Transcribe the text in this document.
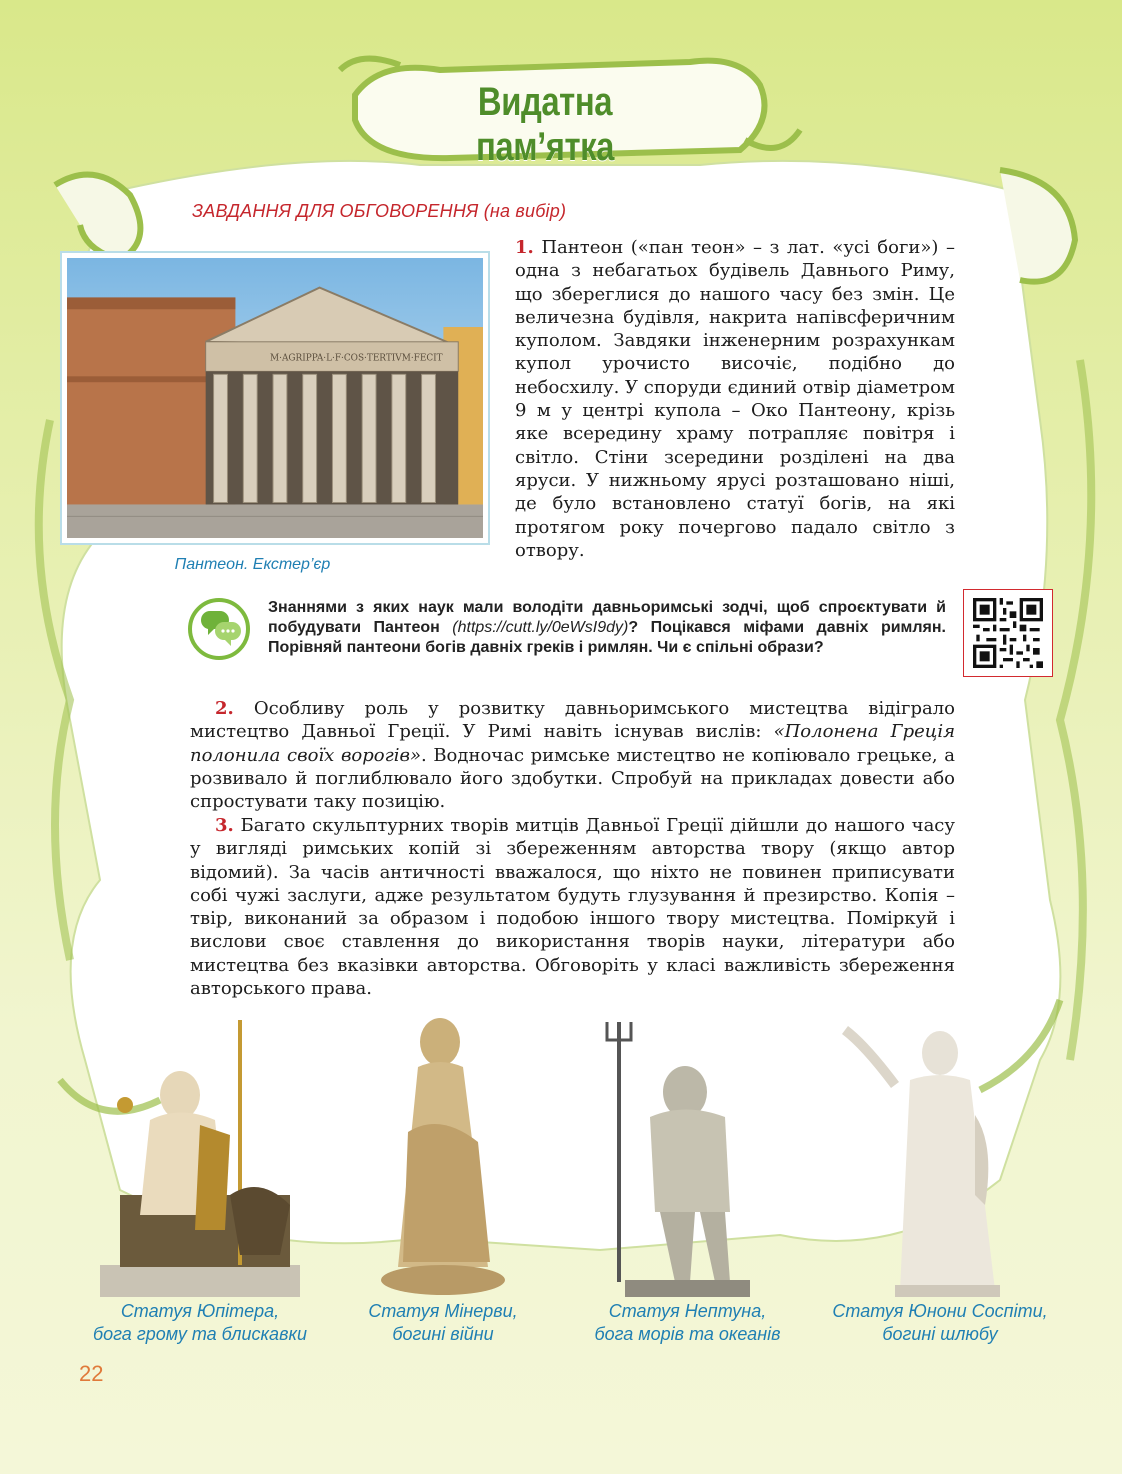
Видатна пам’ятка
ЗАВДАННЯ ДЛЯ ОБГОВОРЕННЯ (на вибір)
M·AGRIPPA·L·F·COS·TERTIVM·FECIT
Пантеон. Екстер’єр
1. Пантеон («пан теон» – з лат. «усі боги») – одна з небагатьох будівель Давнього Риму, що збереглися до нашого часу без змін. Це величезна будівля, накрита напівсферичним куполом. Завдяки інженерним розрахункам купол урочисто височіє, подібно до небосхилу. У споруди єдиний отвір діаметром 9 м у центрі купола – Око Пантеону, крізь яке всередину храму потрапляє повітря і світло. Стіни зсередини розділені на два яруси. У нижньому ярусі розташовано ніші, де було встановлено статуї богів, на які протягом року почергово падало світло з отвору.
Знаннями з яких наук мали володіти давньоримські зодчі, щоб спроєктувати й побудувати Пантеон (https://cutt.ly/0eWsI9dy)? Поцікався міфами давніх римлян. Порівняй пантеони богів давніх греків і римлян. Чи є спільні образи?
2. Особливу роль у розвитку давньоримського мистецтва відіграло мистецтво Давньої Греції. У Римі навіть існував вислів: «Полонена Греція полонила своїх ворогів». Водночас римське мистецтво не копіювало грецьке, а розвивало й поглиблювало його здобутки. Спробуй на прикладах довести або спростувати таку позицію.
3. Багато скульптурних творів митців Давньої Греції дійшли до нашого часу у вигляді римських копій зі збереженням авторства твору (якщо автор відомий). За часів античності вважалося, що ніхто не повинен приписувати собі чужі заслуги, адже результатом будуть глузування й презирство. Копія – твір, виконаний за образом і подобою іншого твору мистецтва. Поміркуй і вислови своє ставлення до використання творів науки, літератури або мистецтва без вказівки авторства. Обговоріть у класі важливість збереження авторського права.
Статуя Юпітера,
бога грому та блискавки
Статуя Мінерви,
богині війни
Статуя Нептуна,
бога морів та океанів
Статуя Юнони Соспіти,
богині шлюбу
22
